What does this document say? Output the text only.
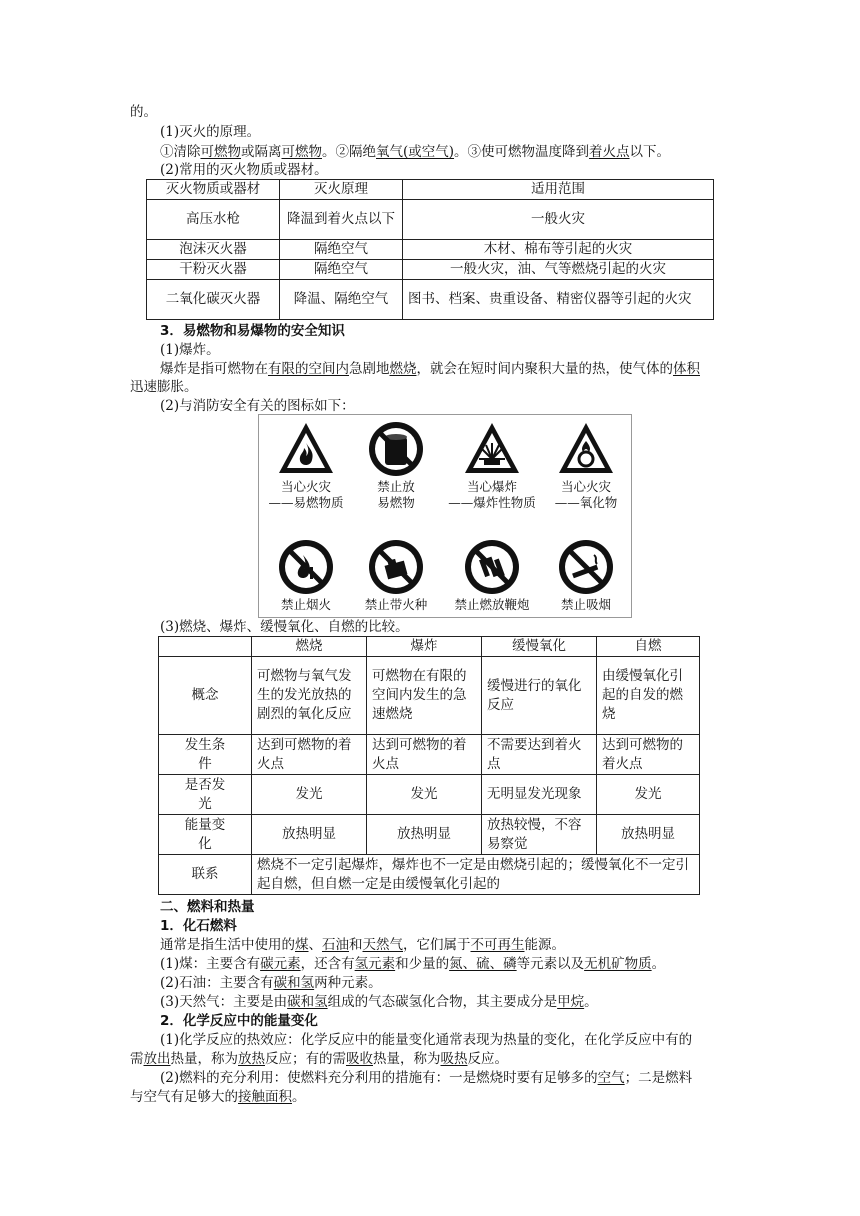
的。
(1)灭火的原理。
①清除可燃物或隔离可燃物。②隔绝氧气(或空气)。③使可燃物温度降到着火点以下。
(2)常用的灭火物质或器材。
灭火物质或器材	灭火原理	适用范围
高压水枪	降温到着火点以下	一般火灾
泡沫灭火器	隔绝空气	木材、棉布等引起的火灾
干粉灭火器	隔绝空气	一般火灾，油、气等燃烧引起的火灾
二氧化碳灭火器	降温、隔绝空气	图书、档案、贵重设备、精密仪器等引起的火灾
3．易燃物和易爆物的安全知识
(1)爆炸。
爆炸是指可燃物在有限的空间内急剧地燃烧，就会在短时间内聚积大量的热，使气体的体积
迅速膨胀。
(2)与消防安全有关的图标如下：
当心火灾
——易燃物质
禁止放
易燃物
当心爆炸
——爆炸性物质
当心火灾
——氧化物
禁止烟火	禁止带火种	禁止燃放鞭炮	禁止吸烟
(3)燃烧、爆炸、缓慢氧化、自燃的比较。
	燃烧	爆炸	缓慢氧化	自燃
概念	可燃物与氧气发生的发光放热的剧烈的氧化反应	可燃物在有限的空间内发生的急速燃烧	缓慢进行的氧化反应	由缓慢氧化引起的自发的燃烧
发生条件	达到可燃物的着火点	达到可燃物的着火点	不需要达到着火点	达到可燃物的着火点
是否发光	发光	发光	无明显发光现象	发光
能量变化	放热明显	放热明显	放热较慢，不容易察觉	放热明显
联系	燃烧不一定引起爆炸，爆炸也不一定是由燃烧引起的；缓慢氧化不一定引起自燃，但自燃一定是由缓慢氧化引起的			
二、燃料和热量
1．化石燃料
通常是指生活中使用的煤、石油和天然气，它们属于不可再生能源。
(1)煤：主要含有碳元素，还含有氢元素和少量的氮、硫、磷等元素以及无机矿物质。
(2)石油：主要含有碳和氢两种元素。
(3)天然气：主要是由碳和氢组成的气态碳氢化合物，其主要成分是甲烷。
2．化学反应中的能量变化
(1)化学反应的热效应：化学反应中的能量变化通常表现为热量的变化，在化学反应中有的
需放出热量，称为放热反应；有的需吸收热量，称为吸热反应。
(2)燃料的充分利用：使燃料充分利用的措施有：一是燃烧时要有足够多的空气；二是燃料
与空气有足够大的接触面积。
